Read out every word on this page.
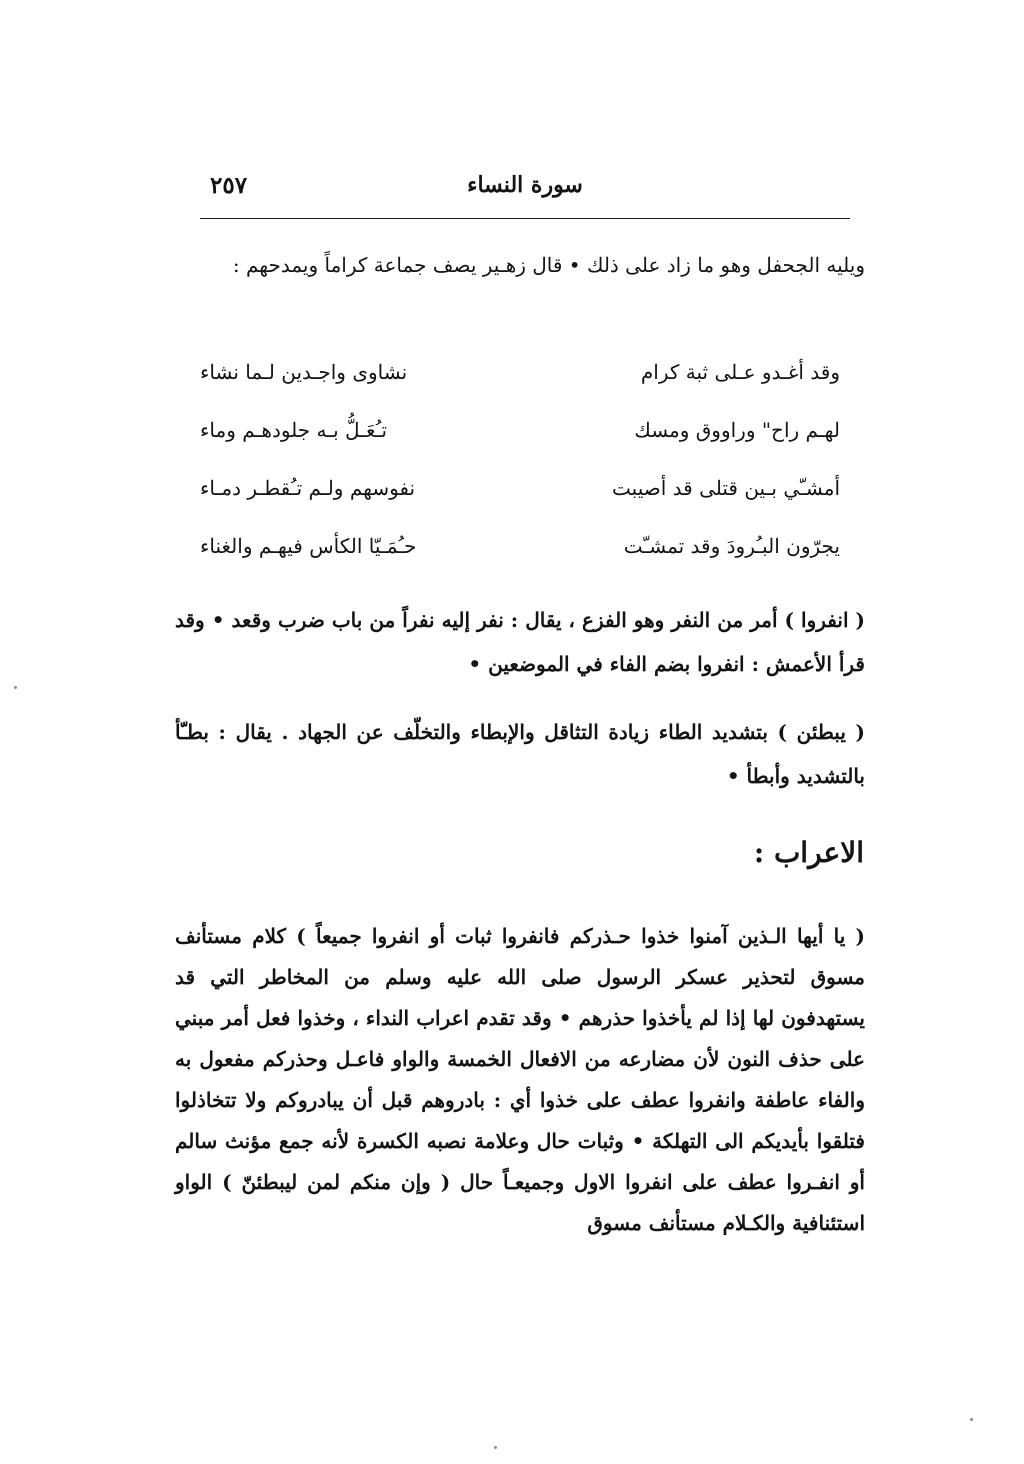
٢٥٧	سورة النساء

ويليه الجحفل وهو ما زاد على ذلك • قال زهـير يصف جماعة كراماً ويمدحهم :

وقد أغـدو عـلى ثبة كرام
نشاوى واجـدين لـما نشاء
لهـم راح" وراووق ومسك
تـُعَـلُّ بـه جلودهـم وماء
أمشـّي بـين قتلى قد أصيبت
نفوسهم ولـم تـُقطـر دمـاء
يجرّون البـُرودَ وقد تمشـّت
حـُمَـيّا الكأس فيهـم والغناء

( انفروا ) أمر من النفر وهو الفزع ، يقال : نفر إليه نفراً من باب ضرب وقعد • وقد قرأ الأعمش : انفروا بضم الفاء في الموضعين •

( يبطئن ) بتشديد الطاء زيادة التثاقل والإبطاء والتخلّف عن الجهاد . يقال : بطـّأ بالتشديد وأبطأ •

الاعراب :

( يا أيها الـذين آمنوا خذوا حـذركم فانفروا ثبات أو انفروا جميعاً ) كلام مستأنف مسوق لتحذير عسكر الرسول صلى الله عليه وسلم من المخاطر التي قد يستهدفون لها إذا لم يأخذوا حذرهم • وقد تقدم اعراب النداء ، وخذوا فعل أمر مبني على حذف النون لأن مضارعه من الافعال الخمسة والواو فاعـل وحذركم مفعول به والفاء عاطفة وانفروا عطف على خذوا أي : بادروهم قبل أن يبادروكم ولا تتخاذلوا فتلقوا بأيديكم الى التهلكة • وثبات حال وعلامة نصبه الكسرة لأنه جمع مؤنث سالم أو انفـروا عطف على انفروا الاول وجميعـاً حال ( وإن منكم لمن ليبطئنّ ) الواو استئنافية والكـلام مستأنف مسوق
